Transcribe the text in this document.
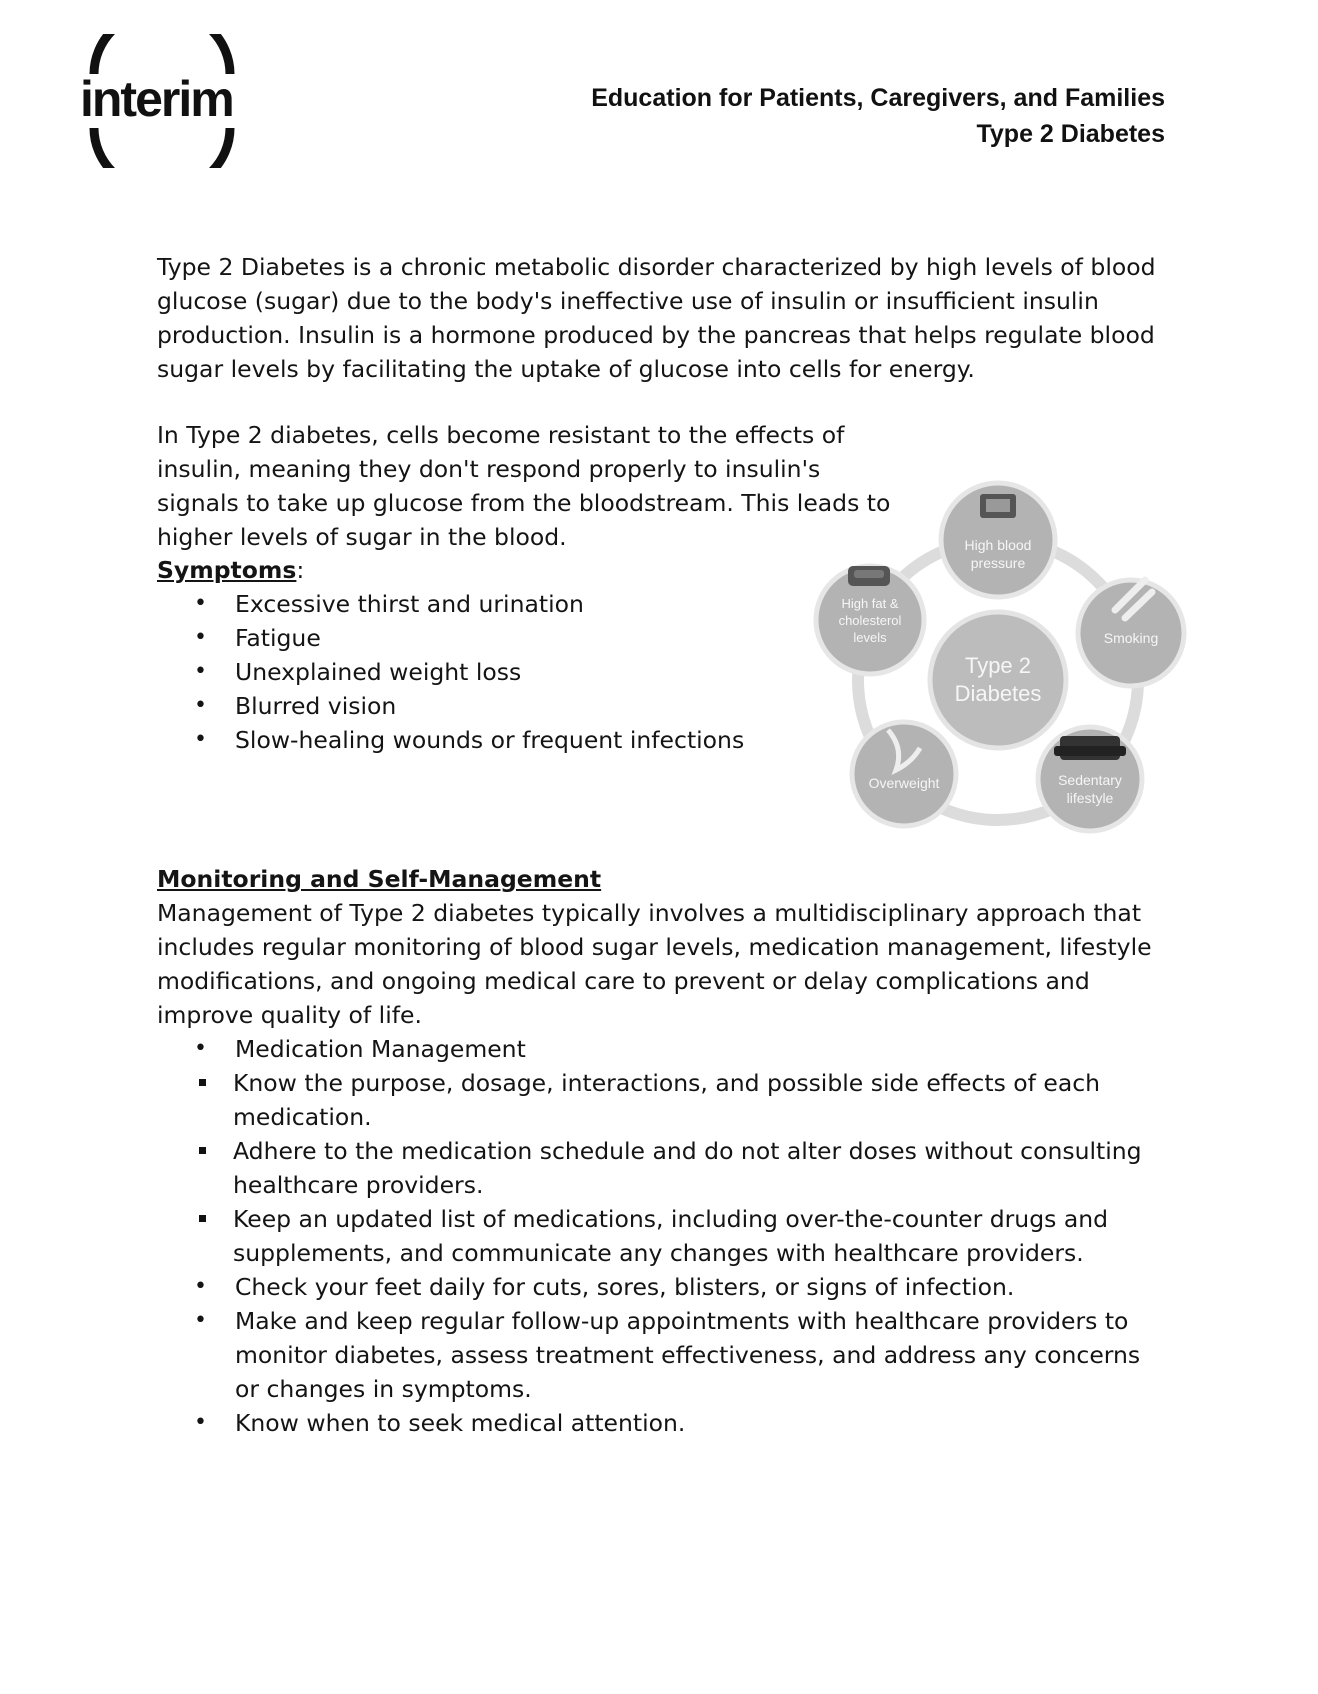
interim	Education for Patients, Caregivers, and Families
Type 2 Diabetes

Type 2 Diabetes is a chronic metabolic disorder characterized by high levels of blood glucose (sugar) due to the body's ineffective use of insulin or insufficient insulin production. Insulin is a hormone produced by the pancreas that helps regulate blood sugar levels by facilitating the uptake of glucose into cells for energy.

In Type 2 diabetes, cells become resistant to the effects of insulin, meaning they don't respond properly to insulin's signals to take up glucose from the bloodstream. This leads to higher levels of sugar in the blood.

Symptoms:
• Excessive thirst and urination
• Fatigue
• Unexplained weight loss
• Blurred vision
• Slow-healing wounds or frequent infections
Type 2
Diabetes
High blood
pressure
Smoking
Sedentary
lifestyle
Overweight
High fat &
cholesterol
levels
Monitoring and Self-Management

Management of Type 2 diabetes typically involves a multidisciplinary approach that includes regular monitoring of blood sugar levels, medication management, lifestyle modifications, and ongoing medical care to prevent or delay complications and improve quality of life.

• Medication Management
Know the purpose, dosage, interactions, and possible side effects of each medication.
Adhere to the medication schedule and do not alter doses without consulting healthcare providers.
Keep an updated list of medications, including over-the-counter drugs and supplements, and communicate any changes with healthcare providers.
• Check your feet daily for cuts, sores, blisters, or signs of infection.
• Make and keep regular follow-up appointments with healthcare providers to monitor diabetes, assess treatment effectiveness, and address any concerns or changes in symptoms.
• Know when to seek medical attention.
